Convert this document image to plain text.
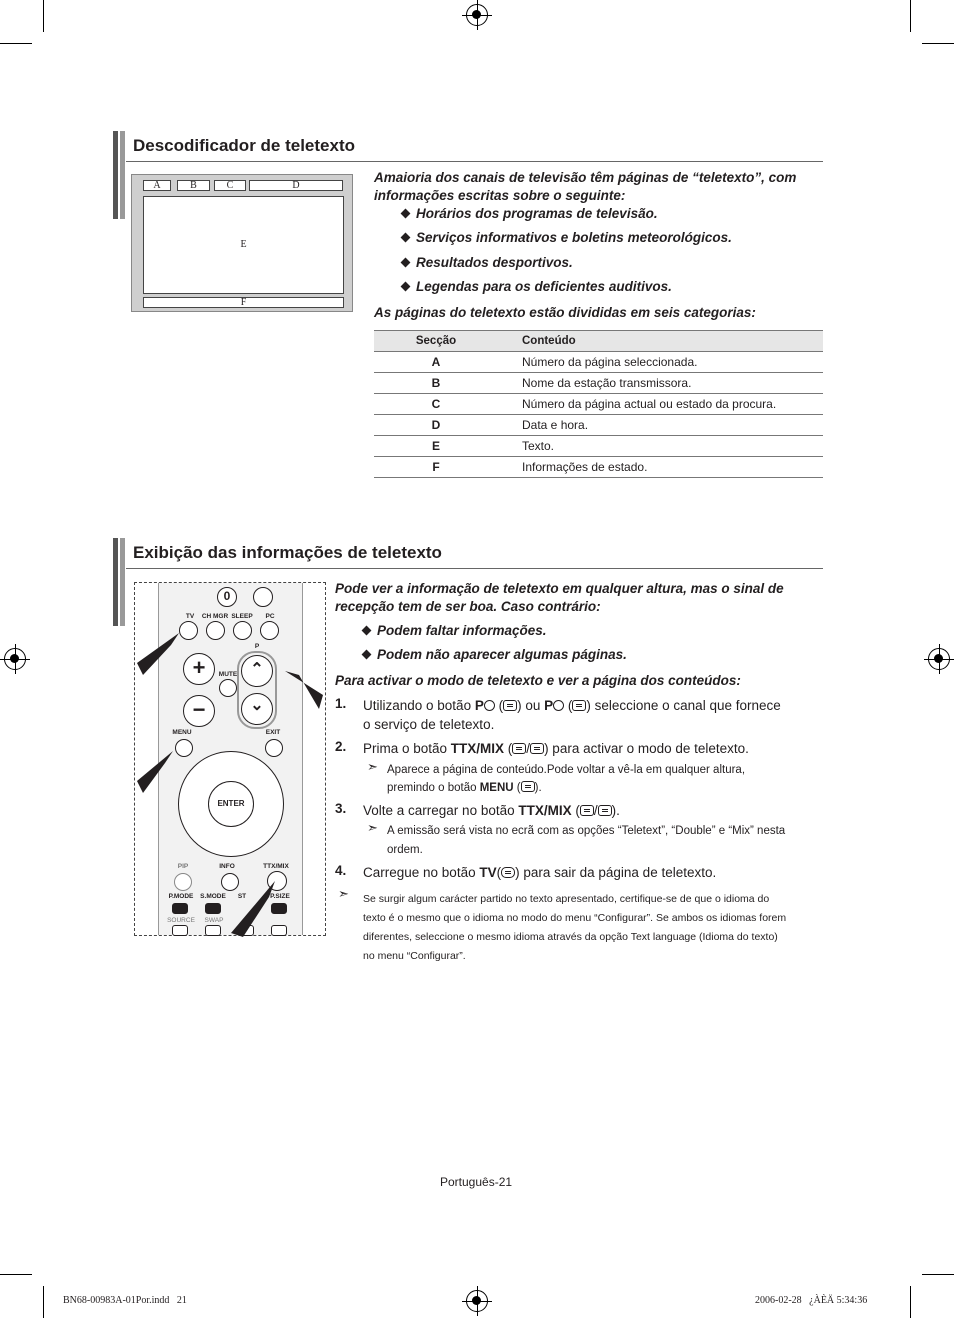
Descodificador de teletexto
A	B	C	D
E
F
Amaioria dos canais de televisão têm páginas de “teletexto”, com informações escritas sobre o seguinte:
Horários dos programas de televisão.
Serviços informativos e boletins meteorológicos.
Resultados desportivos.
Legendas para os deficientes auditivos.
As páginas do teletexto estão divididas em seis categorias:
Secção	Conteúdo
A	Número da página seleccionada.
B	Nome da estação transmissora.
C	Número da página actual ou estado da procura.
D	Data e hora.
E	Texto.
F	Informações de estado.
Exibição das informações de teletexto
0
TV	CH MGR SLEEP	PC
P
+
−
MUTE ⌃
⌄
MENU	EXIT
ENTER
PIP	INFO	TTX/MIX
P.MODE S.MODE	ST	P.SIZE
SOURCE	SWAP
Pode ver a informação de teletexto em qualquer altura, mas o sinal de recepção tem de ser boa. Caso contrário:
Podem faltar informações.
Podem não aparecer algumas páginas.
Para activar o modo de teletexto e ver a página dos conteúdos:
1. Utilizando o botão P ( ) ou P ( ) seleccione o canal que fornece
o serviço de teletexto.
2. Prima o botão TTX/MIX ( / ) para activar o modo de teletexto.
➣ Aparece a página de conteúdo.Pode voltar a vê-la em qualquer altura,
premindo o botão MENU ( ).
3. Volte a carregar no botão TTX/MIX ( / ).
➣ A emissão será vista no ecrã com as opções “Teletext”, “Double” e “Mix” nesta
ordem.
4. Carregue no botão TV( ) para sair da página de teletexto.
➣ Se surgir algum carácter partido no texto apresentado, certifique-se de que o idioma do
texto é o mesmo que o idioma no modo do menu “Configurar”. Se ambos os idiomas forem
diferentes, seleccione o mesmo idioma através da opção Text language (Idioma do texto)
no menu “Configurar”.
Português-21
BN68-00983A-01Por.indd   21	2006-02-28   ¿ÀÈÄ 5:34:36
